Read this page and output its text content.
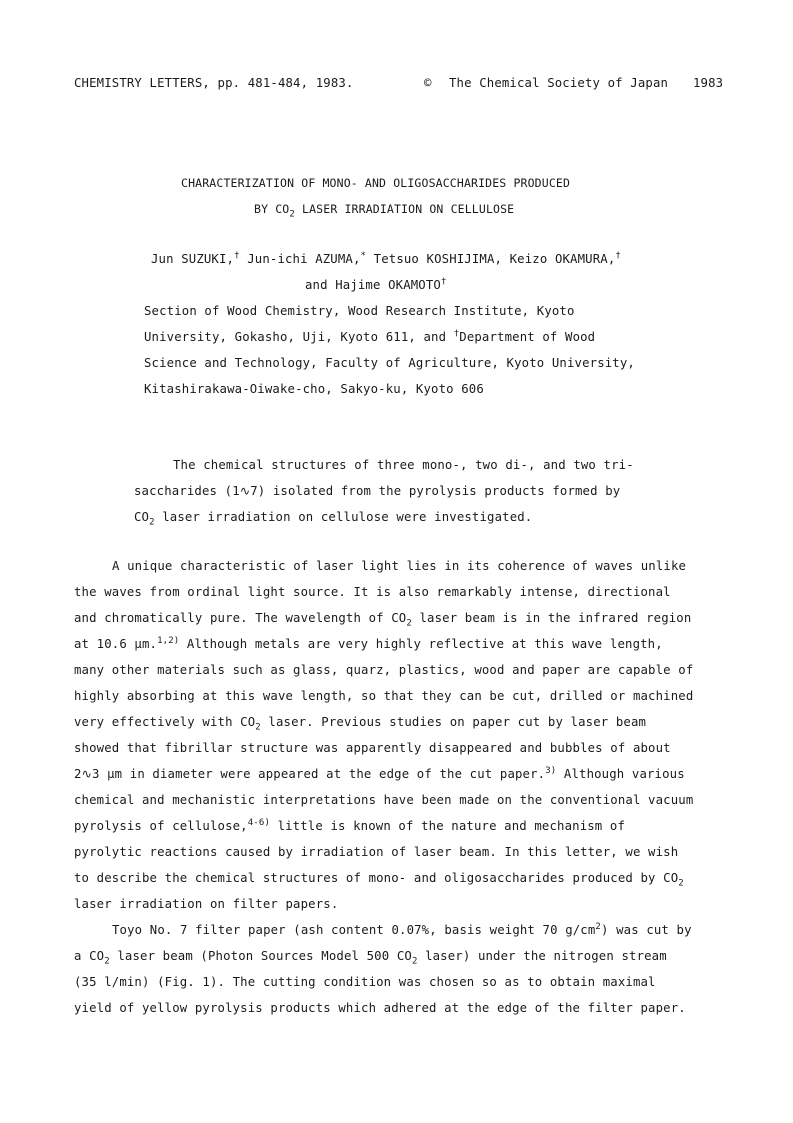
CHEMISTRY LETTERS, pp. 481-484, 1983.	© The Chemical Society of Japan 1983
CHARACTERIZATION OF MONO- AND OLIGOSACCHARIDES PRODUCED
BY $CO_2$ LASER IRRADIATION ON CELLULOSE
Jun SUZUKI,† Jun-ichi AZUMA,* Tetsuo KOSHIJIMA, Keizo OKAMURA,†
and Hajime OKAMOTO†
Section of Wood Chemistry, Wood Research Institute, Kyoto
University, Gokasho, Uji, Kyoto 611, and †Department of Wood
Science and Technology, Faculty of Agriculture, Kyoto University,
Kitashirakawa-Oiwake-cho, Sakyo-ku, Kyoto 606
The chemical structures of three mono-, two di-, and two tri-
saccharides (1∿7) isolated from the pyrolysis products formed by
$CO_2$ laser irradiation on cellulose were investigated.
A unique characteristic of laser light lies in its coherence of waves unlike
the waves from ordinal light source. It is also remarkably intense, directional
and chromatically pure. The wavelength of $CO_2$ laser beam is in the infrared region
at 10.6 μm.$^{1,2)}$ Although metals are very highly reflective at this wave length,
many other materials such as glass, quarz, plastics, wood and paper are capable of
highly absorbing at this wave length, so that they can be cut, drilled or machined
very effectively with $CO_2$ laser. Previous studies on paper cut by laser beam
showed that fibrillar structure was apparently disappeared and bubbles of about
2∿3 μm in diameter were appeared at the edge of the cut paper.$^{3)}$ Although various
chemical and mechanistic interpretations have been made on the conventional vacuum
pyrolysis of cellulose,$^{4-6)}$ little is known of the nature and mechanism of
pyrolytic reactions caused by irradiation of laser beam. In this letter, we wish
to describe the chemical structures of mono- and oligosaccharides produced by $CO_2$
laser irradiation on filter papers.
Toyo No. 7 filter paper (ash content 0.07%, basis weight 70 $g/cm^2$) was cut by
a $CO_2$ laser beam (Photon Sources Model 500 $CO_2$ laser) under the nitrogen stream
(35 l/min) (Fig. 1). The cutting condition was chosen so as to obtain maximal
yield of yellow pyrolysis products which adhered at the edge of the filter paper.
